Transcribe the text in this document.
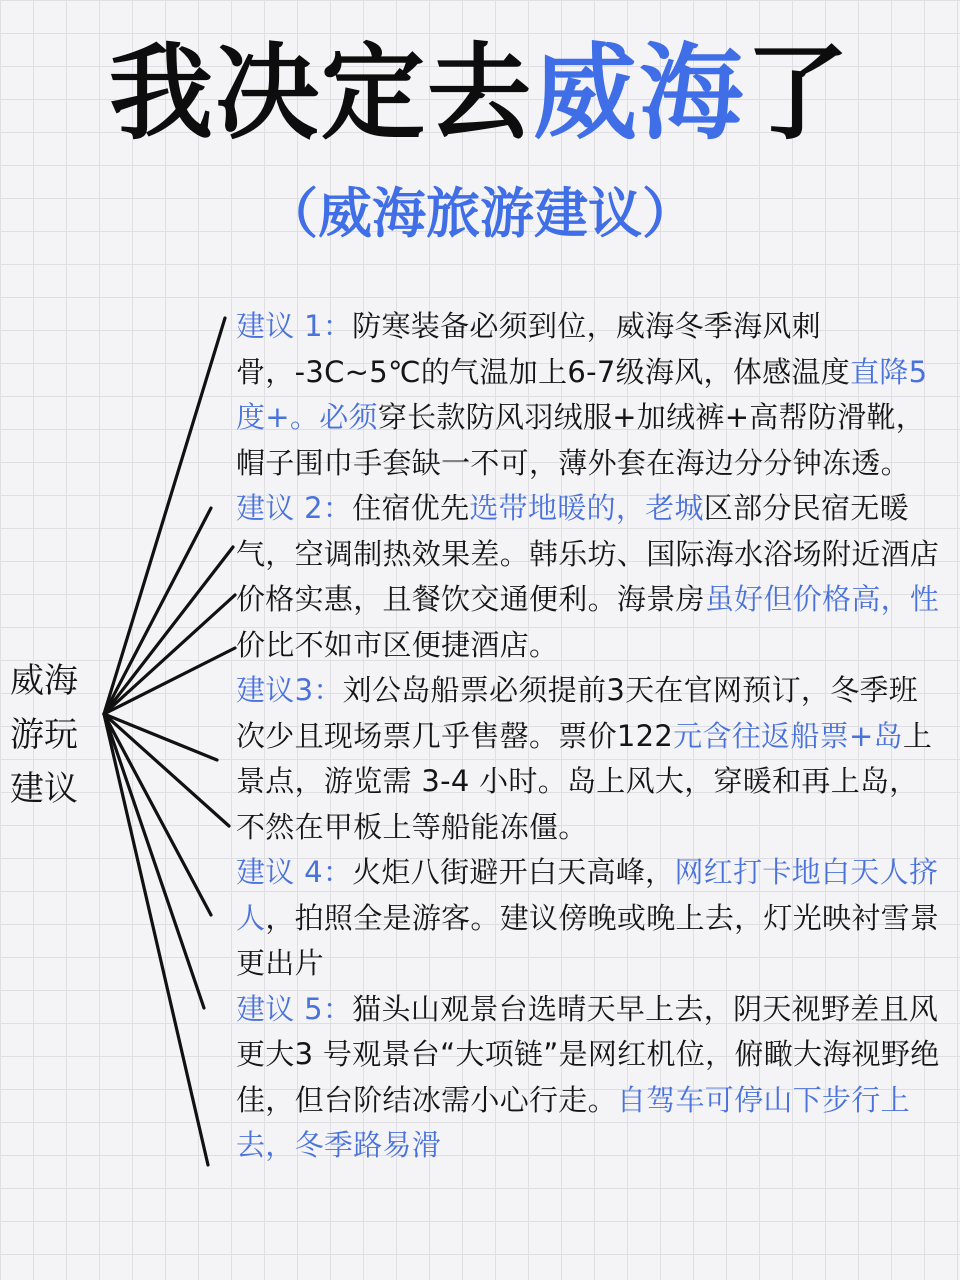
我决定去威海了
（威海旅游建议）
威海
游玩
建议

建议 1：防寒装备必须到位，威海冬季海风刺骨，-3C~5℃的气温加上6-7级海风，体感温度直降5度+。必须穿长款防风羽绒服+加绒裤+高帮防滑靴，帽子围巾手套缺一不可，薄外套在海边分分钟冻透。

建议 2：住宿优先选带地暖的，老城区部分民宿无暖气，空调制热效果差。韩乐坊、国际海水浴场附近酒店价格实惠，且餐饮交通便利。海景房虽好但价格高，性价比不如市区便捷酒店。

建议3：刘公岛船票必须提前3天在官网预订，冬季班次少且现场票几乎售罄。票价122元含往返船票+岛上景点，游览需 3-4 小时。岛上风大，穿暖和再上岛，不然在甲板上等船能冻僵。

建议 4：火炬八街避开白天高峰，网红打卡地白天人挤人，拍照全是游客。建议傍晚或晚上去，灯光映衬雪景更出片

建议 5：猫头山观景台选晴天早上去，阴天视野差且风更大3 号观景台“大项链”是网红机位，俯瞰大海视野绝佳，但台阶结冰需小心行走。自驾车可停山下步行上去，冬季路易滑
